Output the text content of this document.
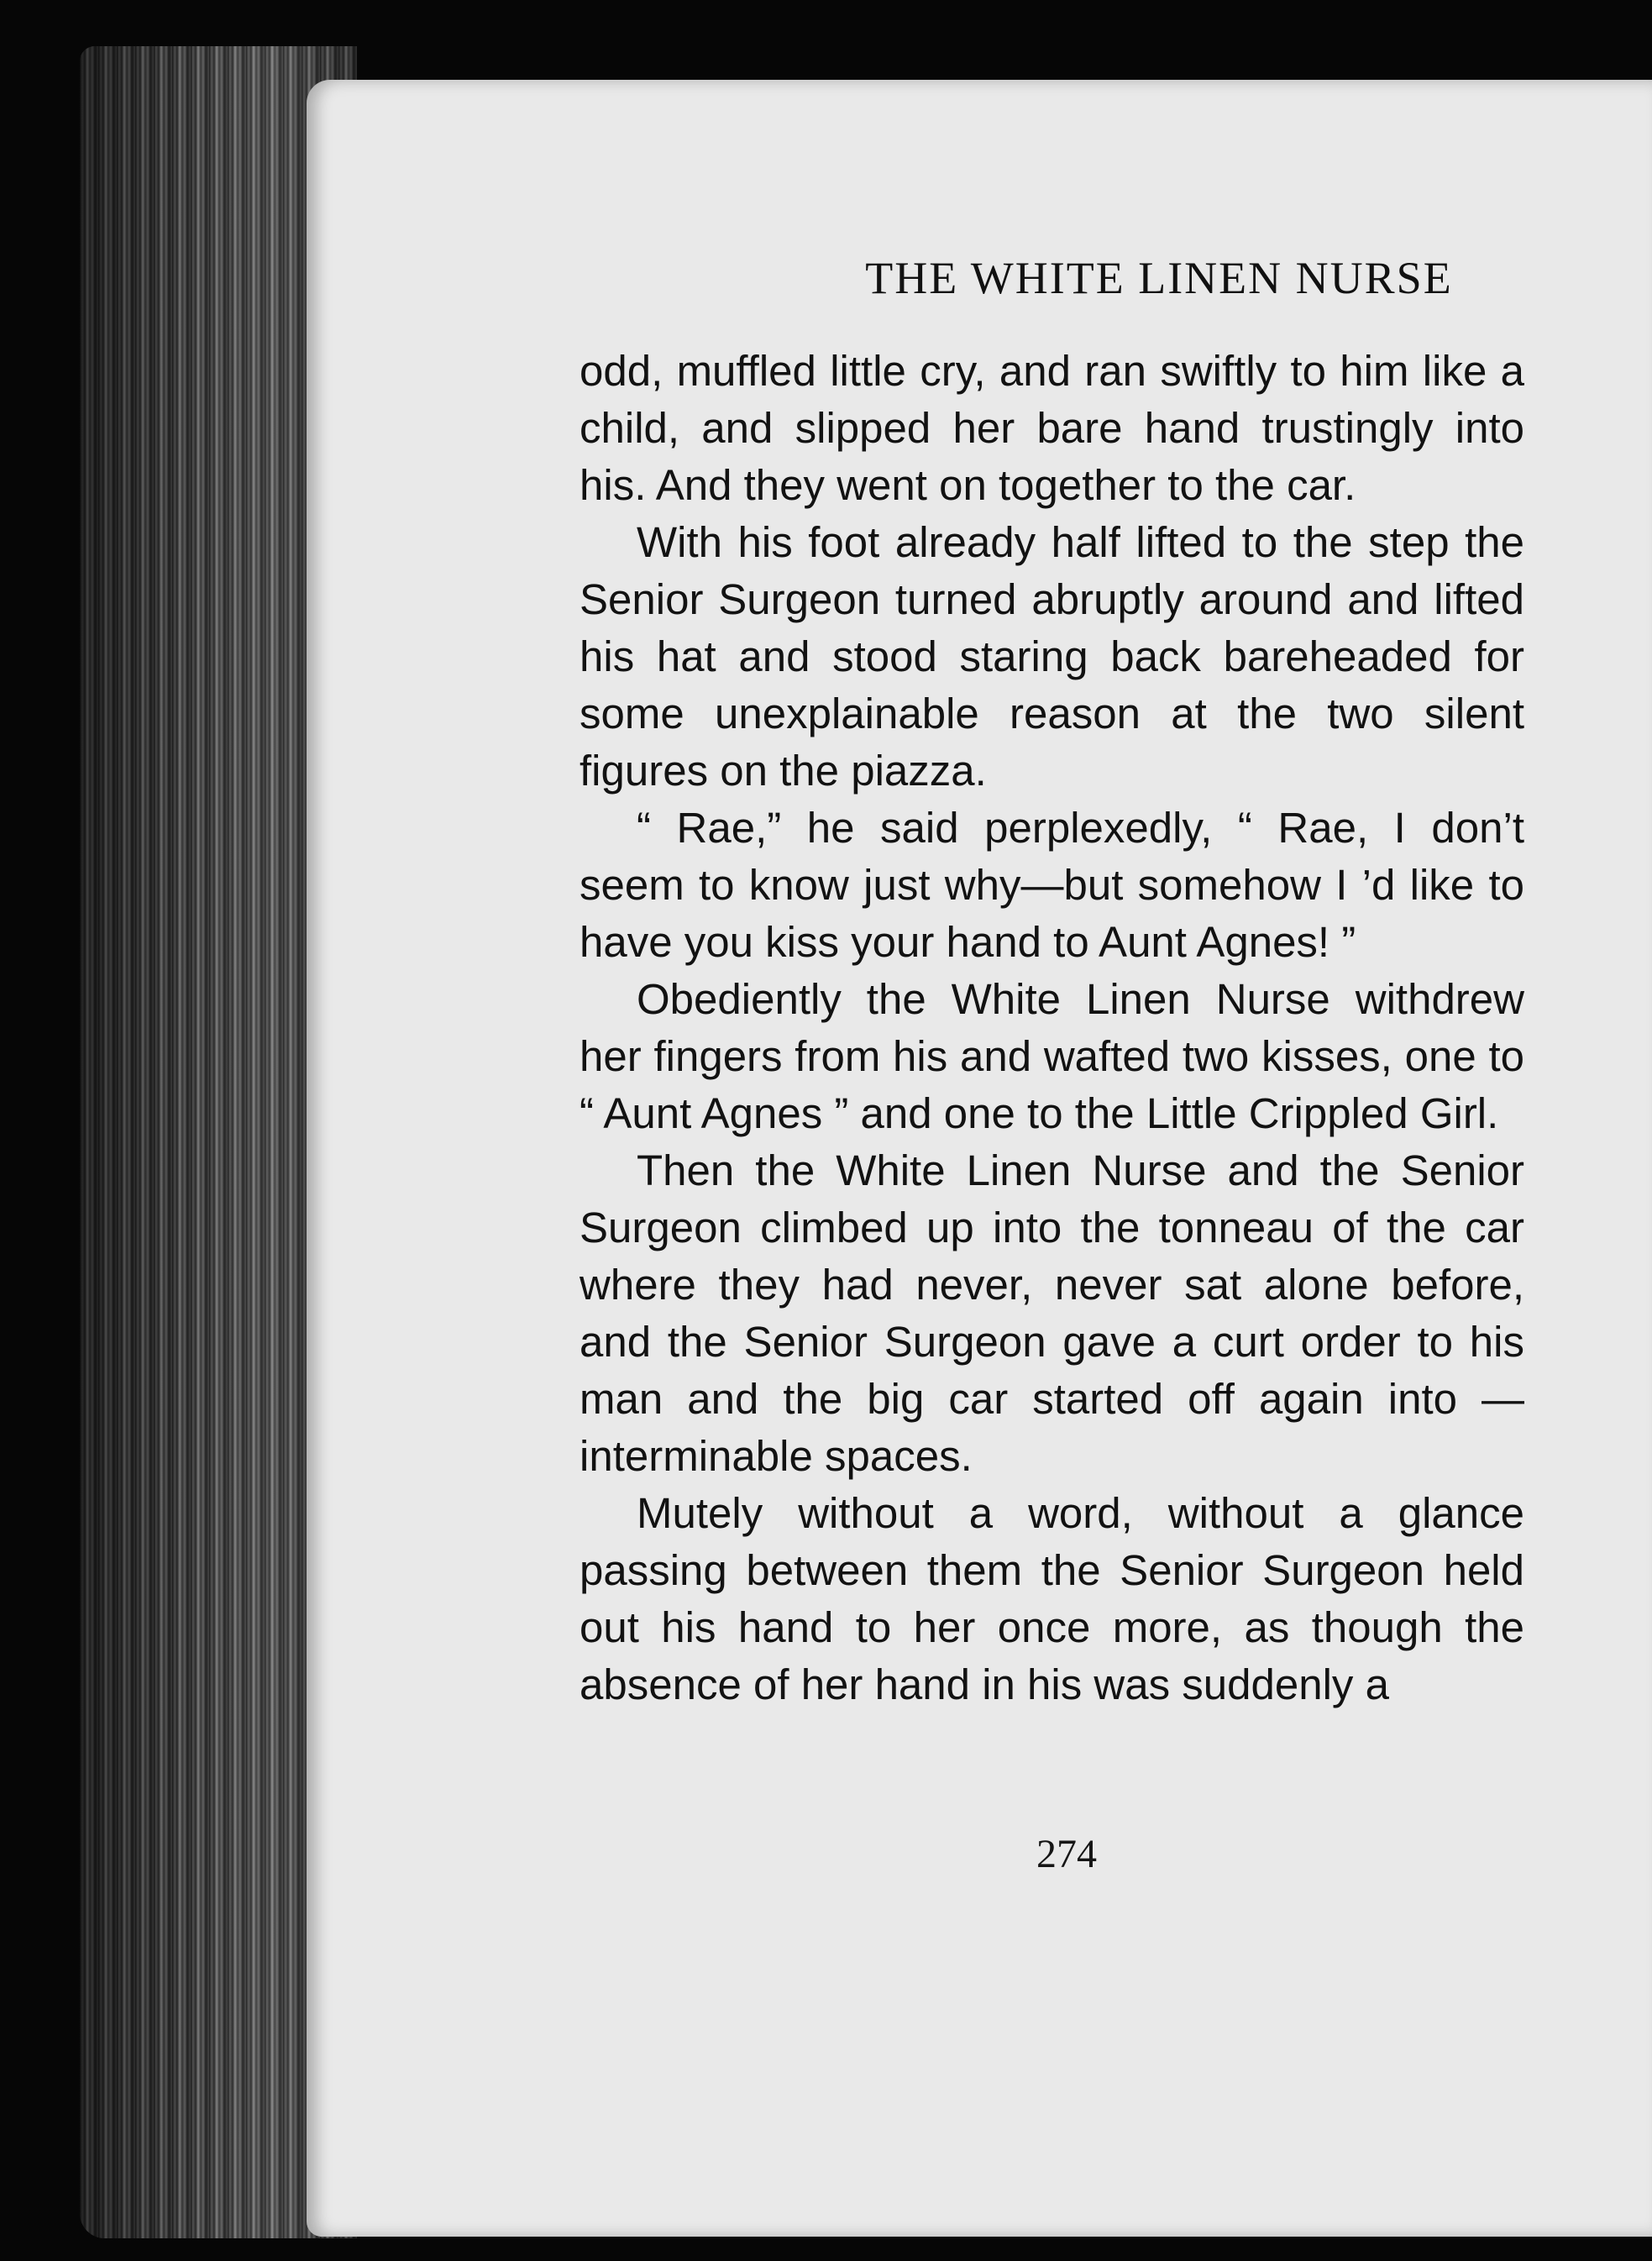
THE WHITE LINEN NURSE

odd, muffled little cry, and ran swiftly to him like a child, and slipped her bare hand trustingly into his. And they went on together to the car.

With his foot already half lifted to the step the Senior Surgeon turned abruptly around and lifted his hat and stood staring back bareheaded for some unexplainable reason at the two silent figures on the piazza.

“ Rae,” he said perplexedly, “ Rae, I don’t seem to know just why—but somehow I ’d like to have you kiss your hand to Aunt Agnes! ”

Obediently the White Linen Nurse withdrew her fingers from his and wafted two kisses, one to “ Aunt Agnes ” and one to the Little Crippled Girl.

Then the White Linen Nurse and the Senior Surgeon climbed up into the tonneau of the car where they had never, never sat alone before, and the Senior Surgeon gave a curt order to his man and the big car started off again into — interminable spaces.

Mutely without a word, without a glance passing between them the Senior Surgeon held out his hand to her once more, as though the absence of her hand in his was suddenly a

274
